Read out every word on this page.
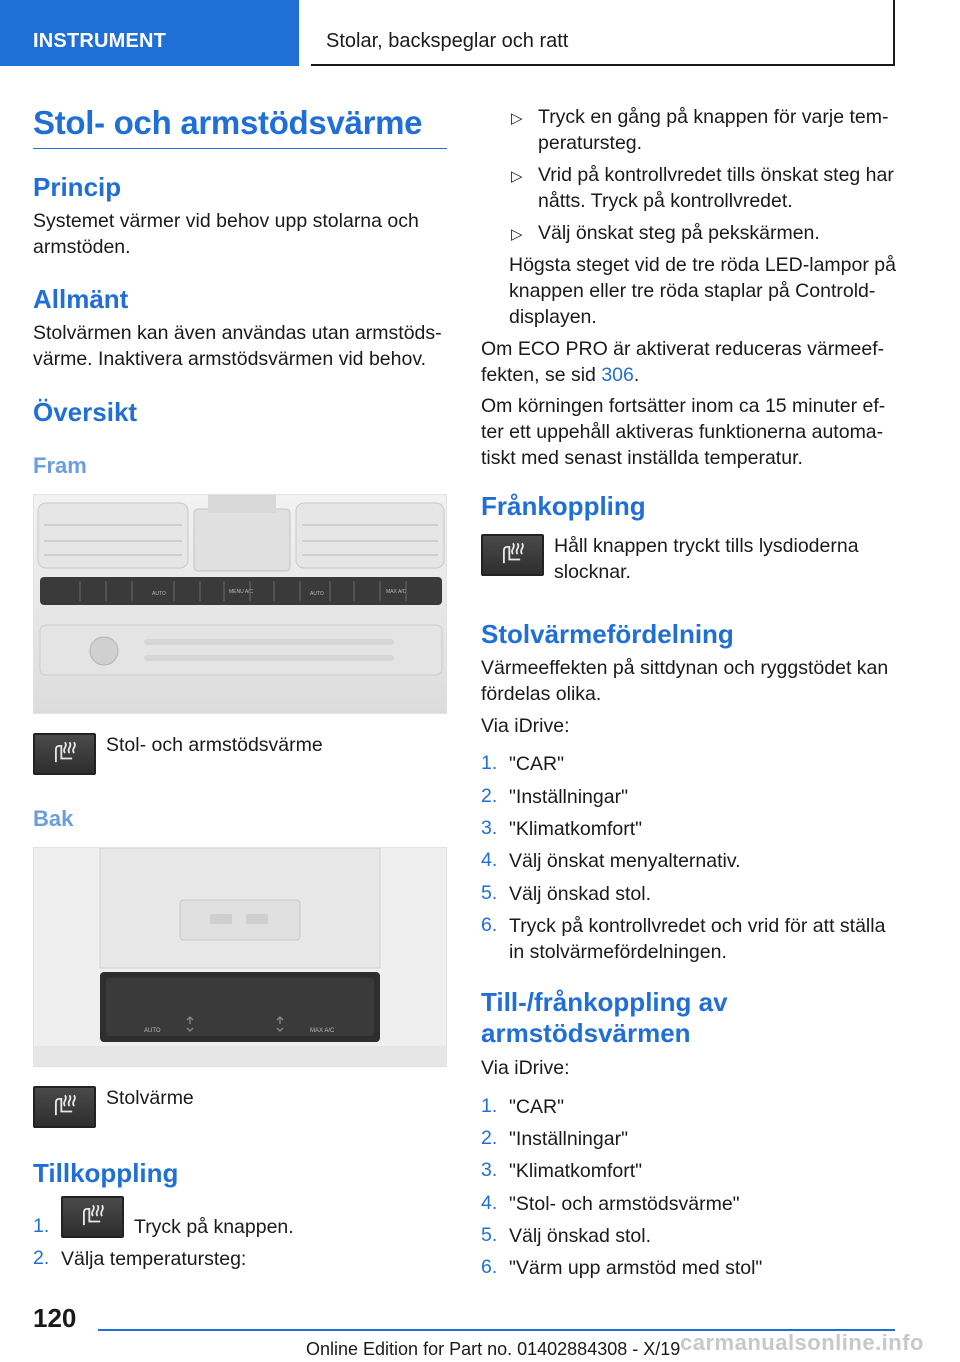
INSTRUMENT	Stolar, backspeglar och ratt
Stol- och armstödsvärme
Princip
Systemet värmer vid behov upp stolarna och
armstöden.
Allmänt
Stolvärmen kan även användas utan armstöds-
värme. Inaktivera armstödsvärmen vid behov.
Översikt
Fram
AUTO	MENU A/C	AUTO	MAX A/C
Stol- och armstödsvärme
Bak
AUTO	MAX A/C
Stolvärme
Tillkoppling
1.	Tryck på knappen.
2. Välja temperatursteg:
▷ Tryck en gång på knappen för varje tem-
peratursteg.
▷ Vrid på kontrollvredet tills önskat steg har
nåtts. Tryck på kontrollvredet.
▷ Välj önskat steg på pekskärmen.
Högsta steget vid de tre röda LED-lampor på
knappen eller tre röda staplar på Controld-
displayen.
Om ECO PRO är aktiverat reduceras värmeef-
fekten, se sid 306.
Om körningen fortsätter inom ca 15 minuter ef-
ter ett uppehåll aktiveras funktionerna automa-
tiskt med senast inställda temperatur.
Frånkoppling
Håll knappen tryckt tills lysdioderna
slocknar.
Stolvärmefördelning
Värmeeffekten på sittdynan och ryggstödet kan
fördelas olika.
Via iDrive:
1. "CAR"
2. "Inställningar"
3. "Klimatkomfort"
4. Välj önskat menyalternativ.
5. Välj önskad stol.
6. Tryck på kontrollvredet och vrid för att ställa
in stolvärmefördelningen.
Till-/frånkoppling av
armstödsvärmen
Via iDrive:
1. "CAR"
2. "Inställningar"
3. "Klimatkomfort"
4. "Stol- och armstödsvärme"
5. Välj önskad stol.
6. "Värm upp armstöd med stol"
120
Online Edition for Part no. 01402884308 - X/19 carmanualsonline.info
